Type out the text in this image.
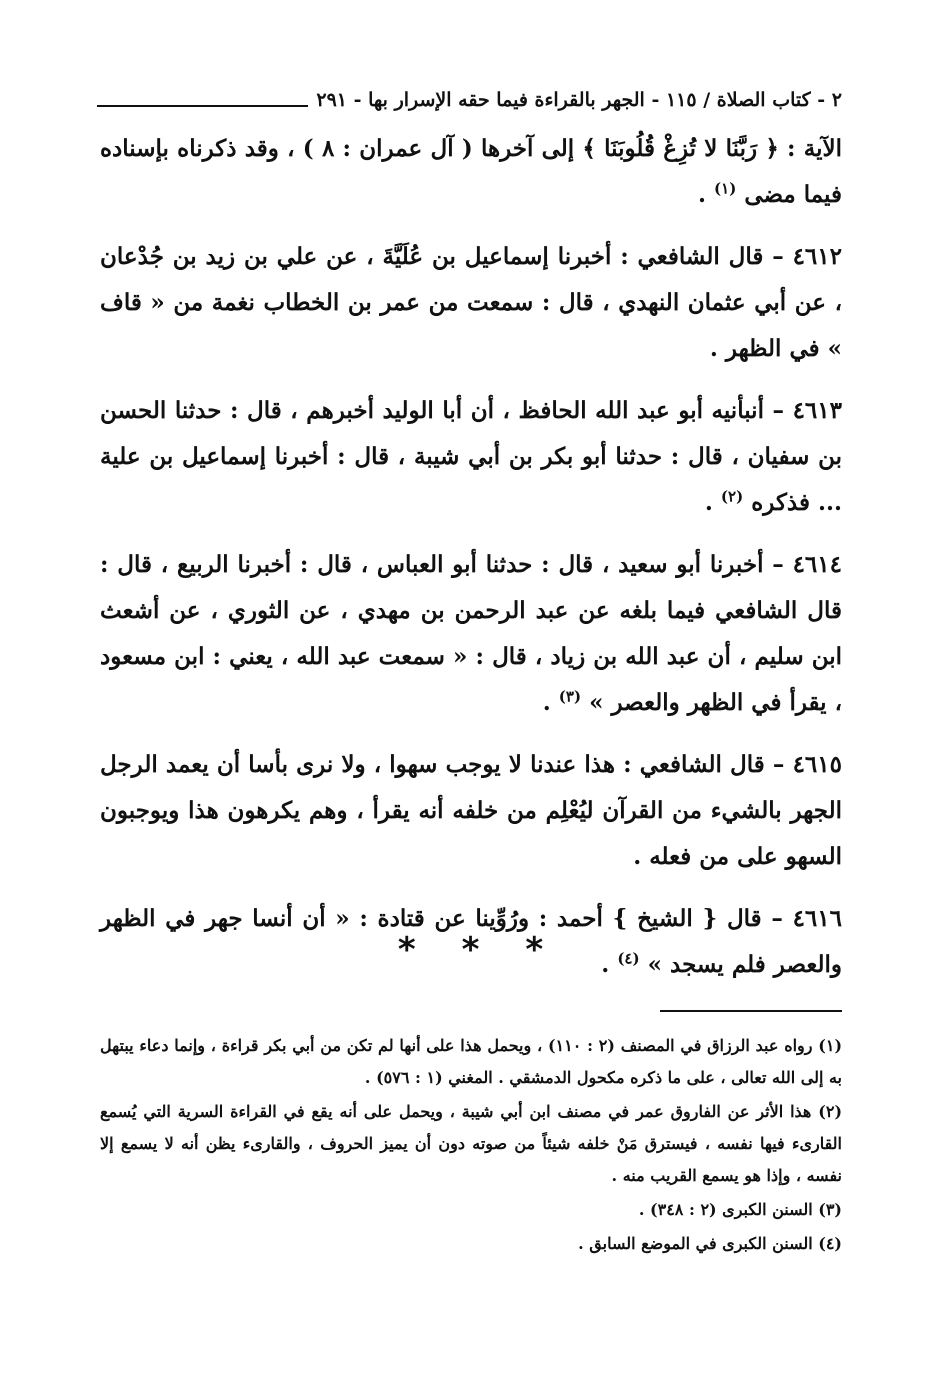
٢ - كتاب الصلاة / ١١٥ - الجهر بالقراءة فيما حقه الإسرار بها - ٢٩١

الآية : ﴿ رَبَّنَا لا تُزِغْ قُلُوبَنَا ﴾ إلى آخرها ( آل عمران : ٨ ) ، وقد ذكرناه بإسناده فيما مضى $^{(١)}$ .

٤٦١٢ – قال الشافعي : أخبرنا إسماعيل بن عُلَيَّةَ ، عن علي بن زيد بن جُدْعان ، عن أبي عثمان النهدي ، قال : سمعت من عمر بن الخطاب نغمة من « قاف » في الظهر .

٤٦١٣ – أنبأنيه أبو عبد الله الحافظ ، أن أبا الوليد أخبرهم ، قال : حدثنا الحسن بن سفيان ، قال : حدثنا أبو بكر بن أبي شيبة ، قال : أخبرنا إسماعيل بن علية ... فذكره $^{(٢)}$ .

٤٦١٤ – أخبرنا أبو سعيد ، قال : حدثنا أبو العباس ، قال : أخبرنا الربيع ، قال : قال الشافعي فيما بلغه عن عبد الرحمن بن مهدي ، عن الثوري ، عن أشعث ابن سليم ، أن عبد الله بن زياد ، قال : « سمعت عبد الله ، يعني : ابن مسعود ، يقرأ في الظهر والعصر » $^{(٣)}$ .

٤٦١٥ – قال الشافعي : هذا عندنا لا يوجب سهوا ، ولا نرى بأسا أن يعمد الرجل الجهر بالشيء من القرآن ليُعْلِم من خلفه أنه يقرأ ، وهم يكرهون هذا ويوجبون السهو على من فعله .

٤٦١٦ – قال { الشيخ } أحمد : ورُوِّينا عن قتادة : « أن أنسا جهر في الظهر والعصر فلم يسجد » $^{(٤)}$ .

* * *

(١) رواه عبد الرزاق في المصنف (٢ : ١١٠) ، ويحمل هذا على أنها لم تكن من أبي بكر قراءة ، وإنما دعاء يبتهل به إلى الله تعالى ، على ما ذكره مكحول الدمشقي . المغني (١ : ٥٧٦) .

(٢) هذا الأثر عن الفاروق عمر في مصنف ابن أبي شيبة ، ويحمل على أنه يقع في القراءة السرية التي يُسمع القارىء فيها نفسه ، فيسترق مَنْ خلفه شيئاً من صوته دون أن يميز الحروف ، والقارىء يظن أنه لا يسمع إلا نفسه ، وإذا هو يسمع القريب منه .

(٣) السنن الكبرى (٢ : ٣٤٨) .

(٤) السنن الكبرى في الموضع السابق .
